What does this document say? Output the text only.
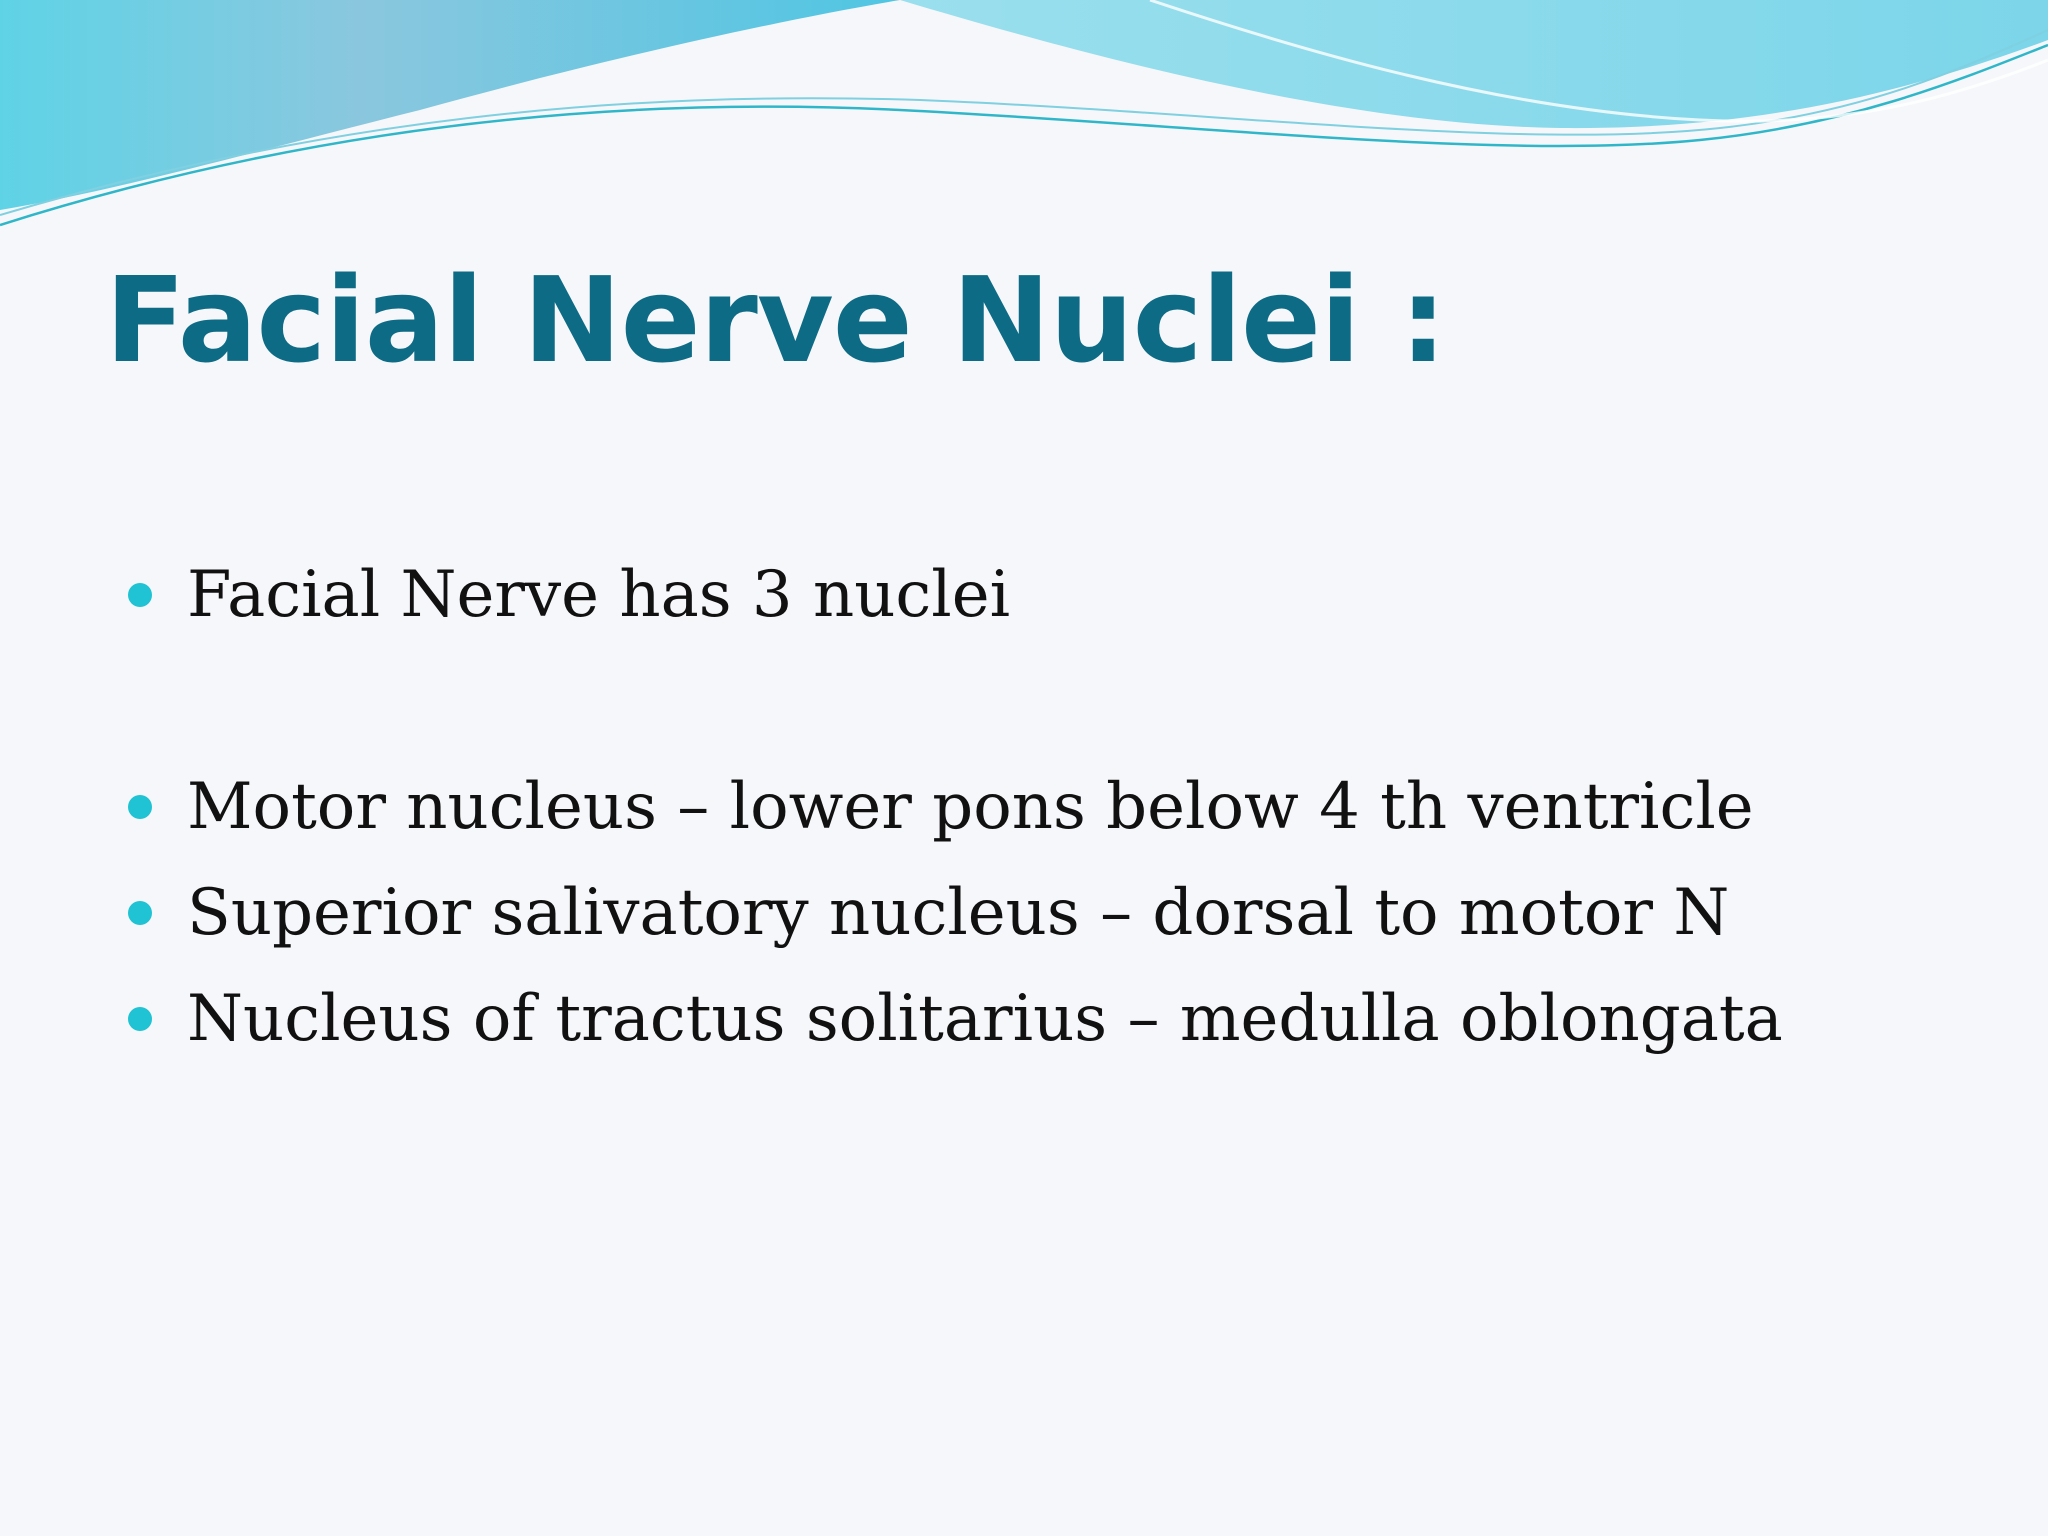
Facial Nerve Nuclei :
Facial Nerve has 3 nuclei
Motor nucleus – lower pons below 4 th ventricle
Superior salivatory nucleus – dorsal to motor N
Nucleus of tractus solitarius – medulla oblongata
